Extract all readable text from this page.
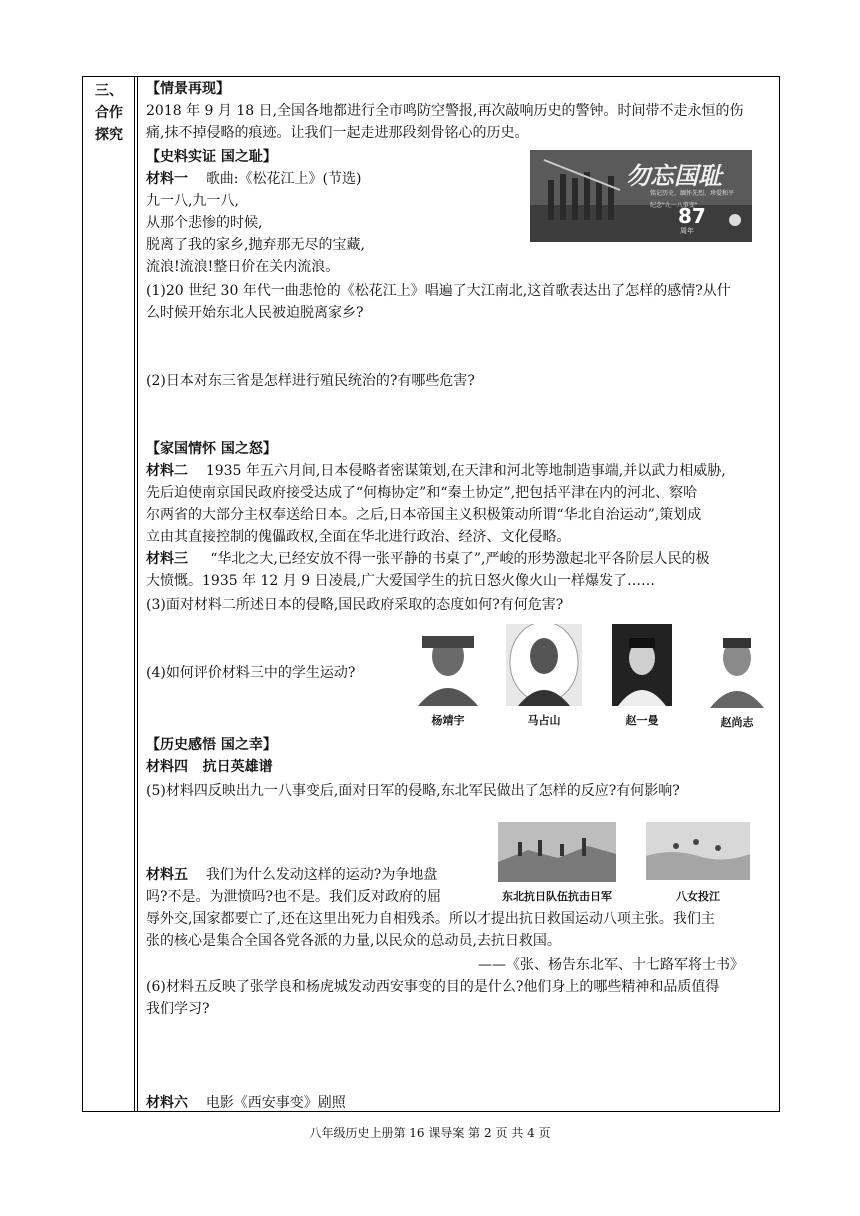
三、
合作
探究
【情景再现】
2018 年 9 月 18 日,全国各地都进行全市鸣防空警报,再次敲响历史的警钟。时间带不走永恒的伤
痛,抹不掉侵略的痕迹。让我们一起走进那段刻骨铭心的历史。
【史料实证 国之耻】
材料一 歌曲:《松花江上》(节选)
九一八,九一八,
从那个悲惨的时候,
脱离了我的家乡,抛弃那无尽的宝藏,
流浪!流浪!整日价在关内流浪。
(1)20 世纪 30 年代一曲悲怆的《松花江上》唱遍了大江南北,这首歌表达出了怎样的感情?从什
么时候开始东北人民被迫脱离家乡?
(2)日本对东三省是怎样进行殖民统治的?有哪些危害?
【家国情怀 国之怒】
材料二 1935 年五六月间,日本侵略者密谋策划,在天津和河北等地制造事端,并以武力相威胁,
先后迫使南京国民政府接受达成了“何梅协定”和“秦土协定”,把包括平津在内的河北、察哈
尔两省的大部分主权奉送给日本。之后,日本帝国主义积极策动所谓“华北自治运动”,策划成
立由其直接控制的傀儡政权,全面在华北进行政治、经济、文化侵略。
材料三 “华北之大,已经安放不得一张平静的书桌了”,严峻的形势激起北平各阶层人民的极
大愤慨。1935 年 12 月 9 日凌晨,广大爱国学生的抗日怒火像火山一样爆发了……
(3)面对材料二所述日本的侵略,国民政府采取的态度如何?有何危害?
(4)如何评价材料三中的学生运动?
【历史感悟 国之幸】
材料四 抗日英雄谱
(5)材料四反映出九一八事变后,面对日军的侵略,东北军民做出了怎样的反应?有何影响?
材料五 我们为什么发动这样的运动?为争地盘
吗?不是。为泄愤吗?也不是。我们反对政府的屈
辱外交,国家都要亡了,还在这里出死力自相残杀。所以才提出抗日救国运动八项主张。我们主
张的核心是集合全国各党各派的力量,以民众的总动员,去抗日救国。
——《张、杨告东北军、十七路军将士书》
(6)材料五反映了张学良和杨虎城发动西安事变的目的是什么?他们身上的哪些精神和品质值得
我们学习?
材料六 电影《西安事变》剧照
勿忘国耻
铭记历史、缅怀先烈、珍爱和平
纪念"九一八事变"
87
周年
杨靖宇	马占山	赵一曼	赵尚志
东北抗日队伍抗击日军	八女投江
八年级历史上册第 16 课导案 第 2 页 共 4 页
